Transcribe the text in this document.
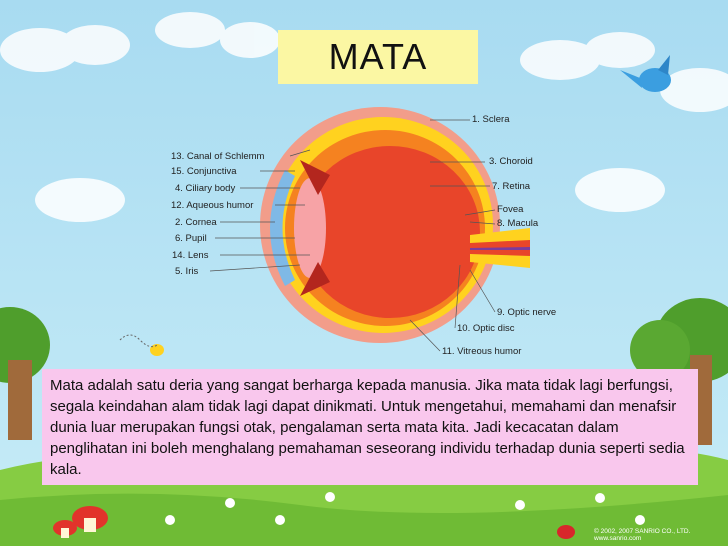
MATA
13. Canal of Schlemm
15. Conjunctiva
4. Ciliary body
12. Aqueous humor
2. Cornea
6. Pupil
14. Lens
5. Iris
1. Sclera
3. Choroid
7. Retina
Fovea
8. Macula
9. Optic nerve
10. Optic disc
11. Vitreous humor

Mata adalah satu deria yang sangat berharga kepada manusia. Jika mata tidak lagi berfungsi, segala keindahan alam tidak lagi dapat dinikmati. Untuk mengetahui, memahami dan menafsir dunia luar merupakan fungsi otak, pengalaman serta mata kita. Jadi kecacatan dalam penglihatan ini boleh menghalang pemahaman seseorang individu terhadap dunia seperti sedia kala.

© 2002, 2007 SANRIO CO., LTD. www.sanrio.com
